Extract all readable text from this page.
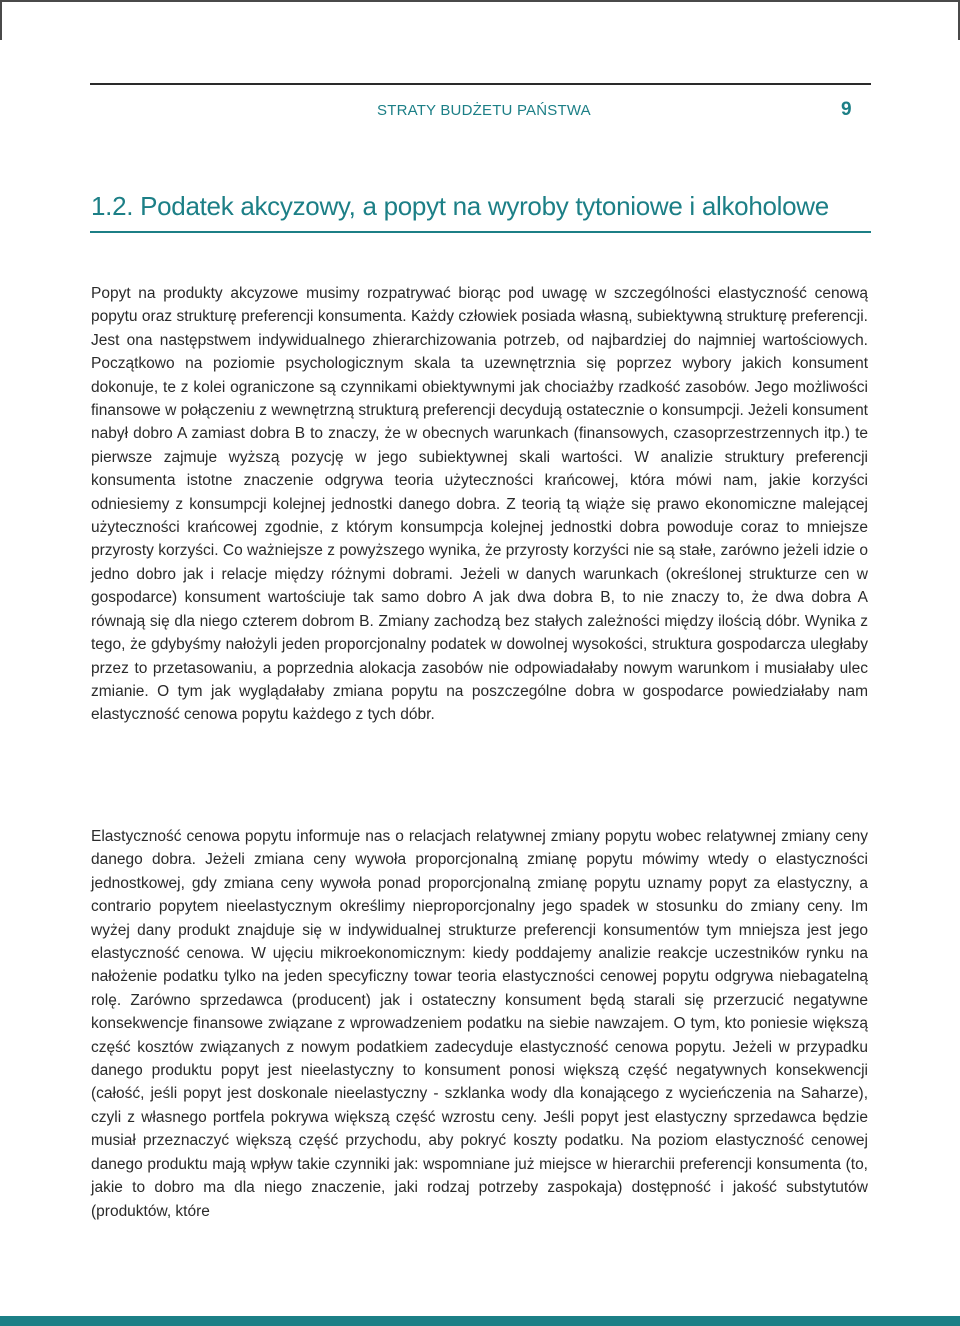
STRATY BUDŻETU PAŃSTWA	9
1.2. Podatek akcyzowy, a popyt na wyroby tytoniowe i alkoholowe

Popyt na produkty akcyzowe musimy rozpatrywać biorąc pod uwagę w szczególności elastyczność cenową popytu oraz strukturę preferencji konsumenta. Każdy człowiek posiada własną, subiektywną strukturę preferencji. Jest ona następstwem indywidualnego zhierarchizowania potrzeb, od najbardziej do najmniej wartościowych. Początkowo na poziomie psychologicznym skala ta uzewnętrznia się poprzez wybory jakich konsument dokonuje, te z kolei ograniczone są czynnikami obiektywnymi jak chociażby rzadkość zasobów. Jego możliwości finansowe w połączeniu z wewnętrzną strukturą preferencji decydują ostatecznie o konsumpcji. Jeżeli konsument nabył dobro A zamiast dobra B to znaczy, że w obecnych warunkach (finansowych, czasoprzestrzennych itp.) te pierwsze zajmuje wyższą pozycję w jego subiektywnej skali wartości. W analizie struktury preferencji konsumenta istotne znaczenie odgrywa teoria użyteczności krańcowej, która mówi nam, jakie korzyści odniesiemy z konsumpcji kolejnej jednostki danego dobra. Z teorią tą wiąże się prawo ekonomiczne malejącej użyteczności krańcowej zgodnie, z którym konsumpcja kolejnej jednostki dobra powoduje coraz to mniejsze przyrosty korzyści. Co ważniejsze z powyższego wynika, że przyrosty korzyści nie są stałe, zarówno jeżeli idzie o jedno dobro jak i relacje między różnymi dobrami. Jeżeli w danych warunkach (określonej strukturze cen w gospodarce) konsument wartościuje tak samo dobro A jak dwa dobra B, to nie znaczy to, że dwa dobra A równają się dla niego czterem dobrom B. Zmiany zachodzą bez stałych zależności między ilością dóbr. Wynika z tego, że gdybyśmy nałożyli jeden proporcjonalny podatek w dowolnej wysokości, struktura gospodarcza uległaby przez to przetasowaniu, a poprzednia alokacja zasobów nie odpowiadałaby nowym warunkom i musiałaby ulec zmianie. O tym jak wyglądałaby zmiana popytu na poszczególne dobra w gospodarce powiedziałaby nam elastyczność cenowa popytu każdego z tych dóbr.

Elastyczność cenowa popytu informuje nas o relacjach relatywnej zmiany popytu wobec relatywnej zmiany ceny danego dobra. Jeżeli zmiana ceny wywoła proporcjonalną zmianę popytu mówimy wtedy o elastyczności jednostkowej, gdy zmiana ceny wywoła ponad proporcjonalną zmianę popytu uznamy popyt za elastyczny, a contrario popytem nieelastycznym określimy nieproporcjonalny jego spadek w stosunku do zmiany ceny. Im wyżej dany produkt znajduje się w indywidualnej strukturze preferencji konsumentów tym mniejsza jest jego elastyczność cenowa. W ujęciu mikroekonomicznym: kiedy poddajemy analizie reakcje uczestników rynku na nałożenie podatku tylko na jeden specyficzny towar teoria elastyczności cenowej popytu odgrywa niebagatelną rolę. Zarówno sprzedawca (producent) jak i ostateczny konsument będą starali się przerzucić negatywne konsekwencje finansowe związane z wprowadzeniem podatku na siebie nawzajem. O tym, kto poniesie większą część kosztów związanych z nowym podatkiem zadecyduje elastyczność cenowa popytu. Jeżeli w przypadku danego produktu popyt jest nieelastyczny to konsument ponosi większą część negatywnych konsekwencji (całość, jeśli popyt jest doskonale nieelastyczny - szklanka wody dla konającego z wycieńczenia na Saharze), czyli z własnego portfela pokrywa większą część wzrostu ceny. Jeśli popyt jest elastyczny sprzedawca będzie musiał przeznaczyć większą część przychodu, aby pokryć koszty podatku. Na poziom elastyczność cenowej danego produktu mają wpływ takie czynniki jak: wspomniane już miejsce w hierarchii preferencji konsumenta (to, jakie to dobro ma dla niego znaczenie, jaki rodzaj potrzeby zaspokaja) dostępność i jakość substytutów (produktów, które
